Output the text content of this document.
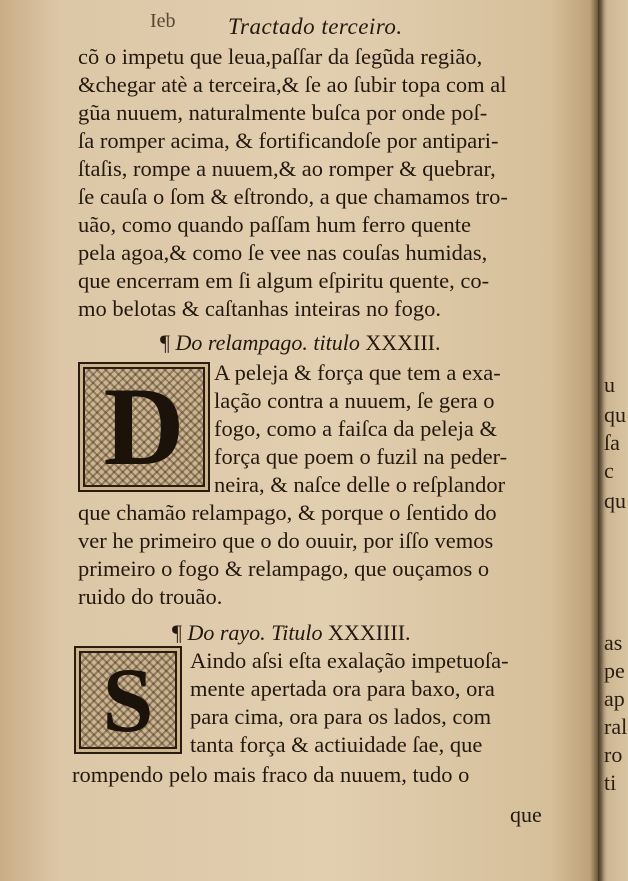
Ieb Tractado terceiro.
cõ o impetu que leua,paſſar da ſegũda região,
&chegar atè a terceira,& ſe ao ſubir topa com al
gũa nuuem, naturalmente buſca por onde poſ-
ſa romper acima, & fortificandoſe por antipari-
ſtaſis, rompe a nuuem,& ao romper & quebrar,
ſe cauſa o ſom & eſtrondo, a que chamamos tro-
uão, como quando paſſam hum ferro quente
pela agoa,& como ſe vee nas couſas humidas,
que encerram em ſi algum eſpiritu quente, co-
mo belotas & caſtanhas inteiras no fogo.
¶ Do relampago. titulo XXXIII.
D	A peleja & força que tem a exa-
lação contra a nuuem, ſe gera o
fogo, como a faiſca da peleja &
força que poem o fuzil na peder-
neira, & naſce delle o reſplandor
que chamão relampago, & porque o ſentido do
ver he primeiro que o do ouuir, por iſſo vemos
primeiro o fogo & relampago, que ouçamos o
ruido do trouão.
¶ Do rayo. Titulo XXXIIII.
S	Aindo aſsi eſta exalação impetuoſa-
mente apertada ora para baxo, ora
para cima, ora para os lados, com
tanta força & actiuidade ſae, que
rompendo pelo mais fraco da nuuem, tudo o
que
u
qu
ſa
c
qu
as
pe
ap
ral
ro
ti
